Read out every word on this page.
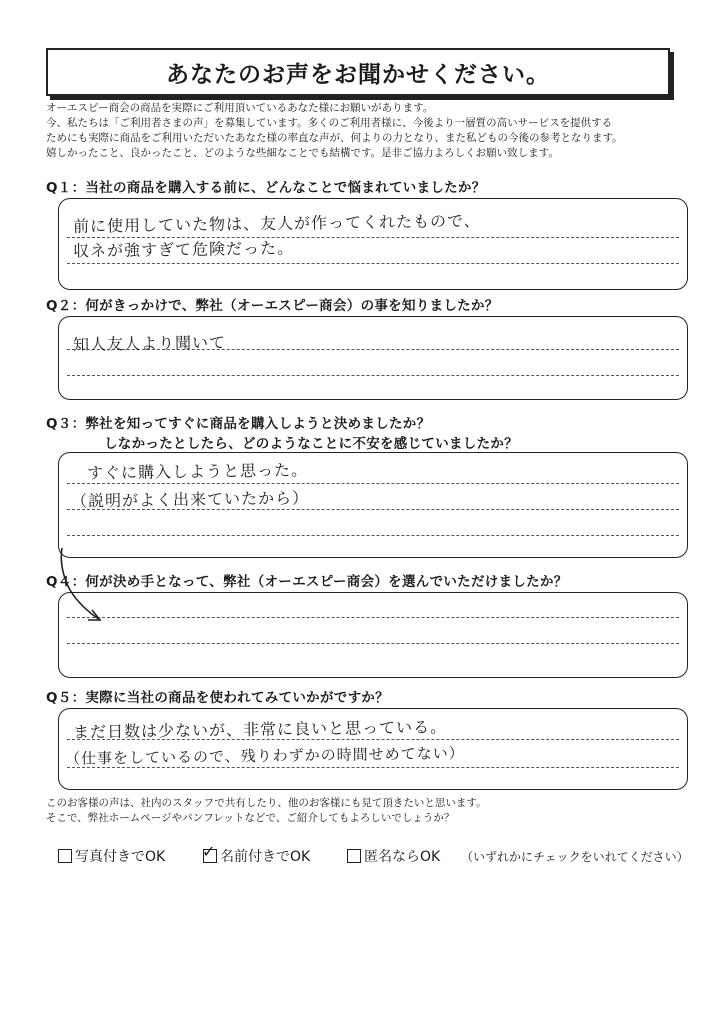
あなたのお声をお聞かせください。
オーエスピー商会の商品を実際にご利用頂いているあなた様にお願いがあります。
今、私たちは「ご利用者さまの声」を募集しています。多くのご利用者様に、今後より一層質の高いサービスを提供する
ためにも実際に商品をご利用いただいたあなた様の率直な声が、何よりの力となり、また私どもの今後の参考となります。
嬉しかったこと、良かったこと、どのような些細なことでも結構です。是非ご協力よろしくお願い致します。
Q１：当社の商品を購入する前に、どんなことで悩まれていましたか？
前に使用していた物は、友人が作ってくれたもので、
収ネが強すぎて危険だった。
Q２：何がきっかけで、弊社（オーエスピー商会）の事を知りましたか？
知人友人より聞いて
Q３：弊社を知ってすぐに商品を購入しようと決めましたか？
しなかったとしたら、どのようなことに不安を感じていましたか？
すぐに購入しようと思った。
（説明がよく出来ていたから）
Q４：何が決め手となって、弊社（オーエスピー商会）を選んでいただけましたか？
Q５：実際に当社の商品を使われてみていかがですか？
まだ日数は少ないが、非常に良いと思っている。
（仕事をしているので、残りわずかの時間せめてない）
このお客様の声は、社内のスタッフで共有したり、他のお客様にも見て頂きたいと思います。
そこで、弊社ホームページやパンフレットなどで、ご紹介してもよろしいでしょうか？
写真付きでOK ✓ 名前付きでOK	匿名ならOK （いずれかにチェックをいれてください）
